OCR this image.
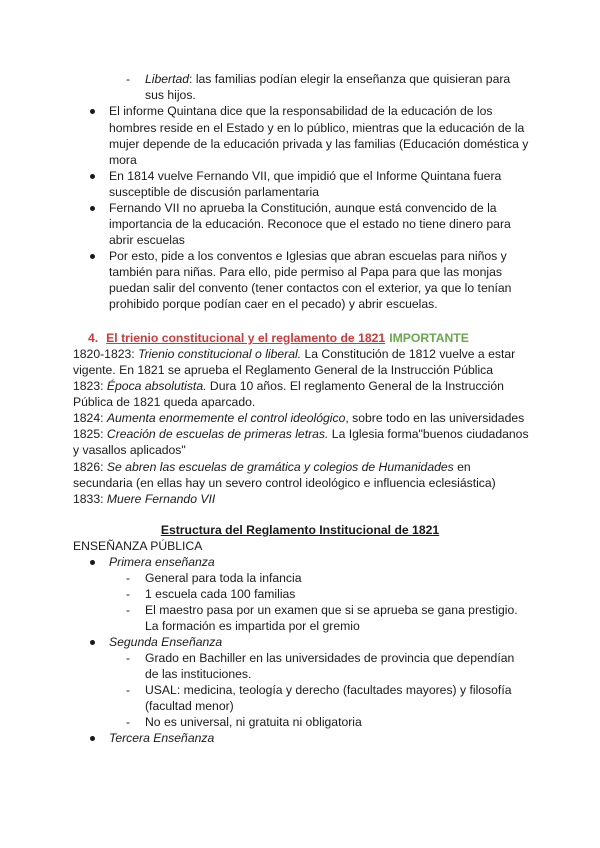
- Libertad: las familias podían elegir la enseñanza que quisieran para
sus hijos.
El informe Quintana dice que la responsabilidad de la educación de los
hombres reside en el Estado y en lo público, mientras que la educación de la
mujer depende de la educación privada y las familias (Educación doméstica y
mora
En 1814 vuelve Fernando VII, que impidió que el Informe Quintana fuera
susceptible de discusión parlamentaria
Fernando VII no aprueba la Constitución, aunque está convencido de la
importancia de la educación. Reconoce que el estado no tiene dinero para
abrir escuelas
Por esto, pide a los conventos e Iglesias que abran escuelas para niños y
también para niñas. Para ello, pide permiso al Papa para que las monjas
puedan salir del convento (tener contactos con el exterior, ya que lo tenían
prohibido porque podían caer en el pecado) y abrir escuelas.
4. El trienio constitucional y el reglamento de 1821 IMPORTANTE
1820-1823: Trienio constitucional o liberal. La Constitución de 1812 vuelve a estar
vigente. En 1821 se aprueba el Reglamento General de la Instrucción Pública
1823: Época absolutista. Dura 10 años. El reglamento General de la Instrucción
Pública de 1821 queda aparcado.
1824: Aumenta enormemente el control ideológico, sobre todo en las universidades
1825: Creación de escuelas de primeras letras. La Iglesia forma"buenos ciudadanos
y vasallos aplicados"
1826: Se abren las escuelas de gramática y colegios de Humanidades en
secundaria (en ellas hay un severo control ideológico e influencia eclesiástica)
1833: Muere Fernando VII
Estructura del Reglamento Institucional de 1821
ENSEÑANZA PÚBLICA
Primera enseñanza
- General para toda la infancia
- 1 escuela cada 100 familias
- El maestro pasa por un examen que si se aprueba se gana prestigio.
La formación es impartida por el gremio
Segunda Enseñanza
- Grado en Bachiller en las universidades de provincia que dependían
de las instituciones.
- USAL: medicina, teología y derecho (facultades mayores) y filosofía
(facultad menor)
- No es universal, ni gratuita ni obligatoria
Tercera Enseñanza
